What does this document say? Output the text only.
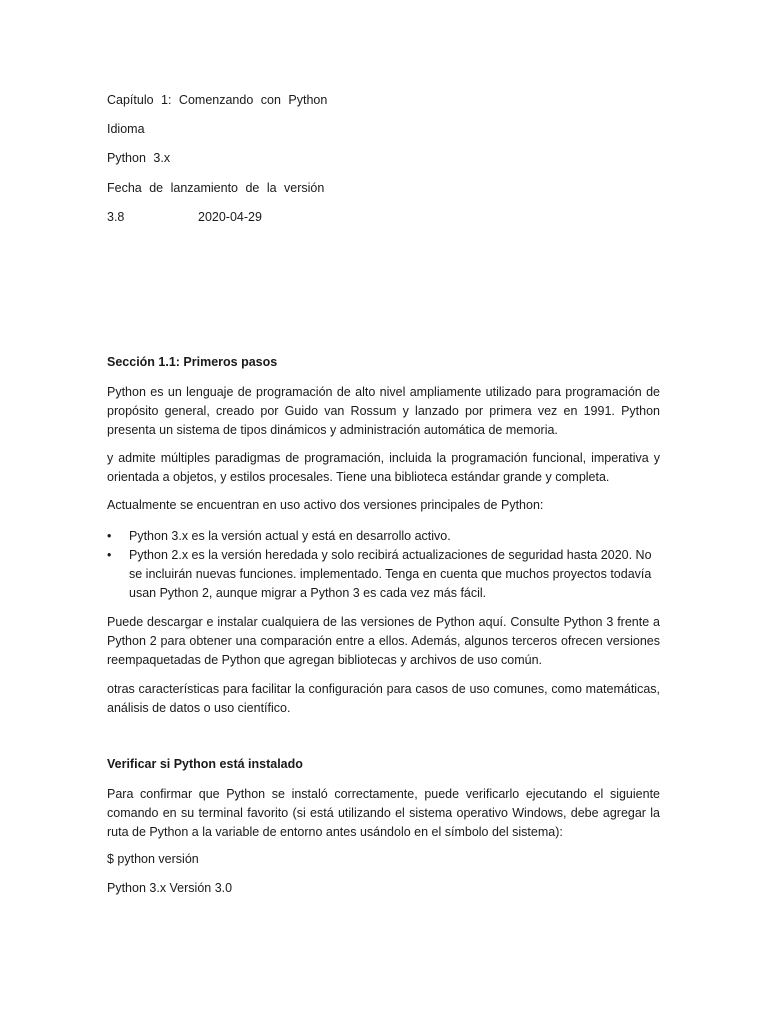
Capítulo 1: Comenzando con Python
Idioma
Python 3.x
Fecha de lanzamiento de la versión
3.8	2020-04-29
Sección 1.1: Primeros pasos

Python es un lenguaje de programación de alto nivel ampliamente utilizado para programación de propósito general, creado por Guido van Rossum y lanzado por primera vez en 1991. Python presenta un sistema de tipos dinámicos y administración automática de memoria.

y admite múltiples paradigmas de programación, incluida la programación funcional, imperativa y orientada a objetos, y estilos procesales. Tiene una biblioteca estándar grande y completa.

Actualmente se encuentran en uso activo dos versiones principales de Python:

• Python 3.x es la versión actual y está en desarrollo activo.
• Python 2.x es la versión heredada y solo recibirá actualizaciones de seguridad hasta 2020. No se incluirán nuevas funciones. implementado. Tenga en cuenta que muchos proyectos todavía usan Python 2, aunque migrar a Python 3 es cada vez más fácil.

Puede descargar e instalar cualquiera de las versiones de Python aquí. Consulte Python 3 frente a Python 2 para obtener una comparación entre a ellos. Además, algunos terceros ofrecen versiones reempaquetadas de Python que agregan bibliotecas y archivos de uso común.

otras características para facilitar la configuración para casos de uso comunes, como matemáticas, análisis de datos o uso científico.

Verificar si Python está instalado

Para confirmar que Python se instaló correctamente, puede verificarlo ejecutando el siguiente comando en su terminal favorito (si está utilizando el sistema operativo Windows, debe agregar la ruta de Python a la variable de entorno antes usándolo en el símbolo del sistema):

$ python versión
Python 3.x Versión 3.0
